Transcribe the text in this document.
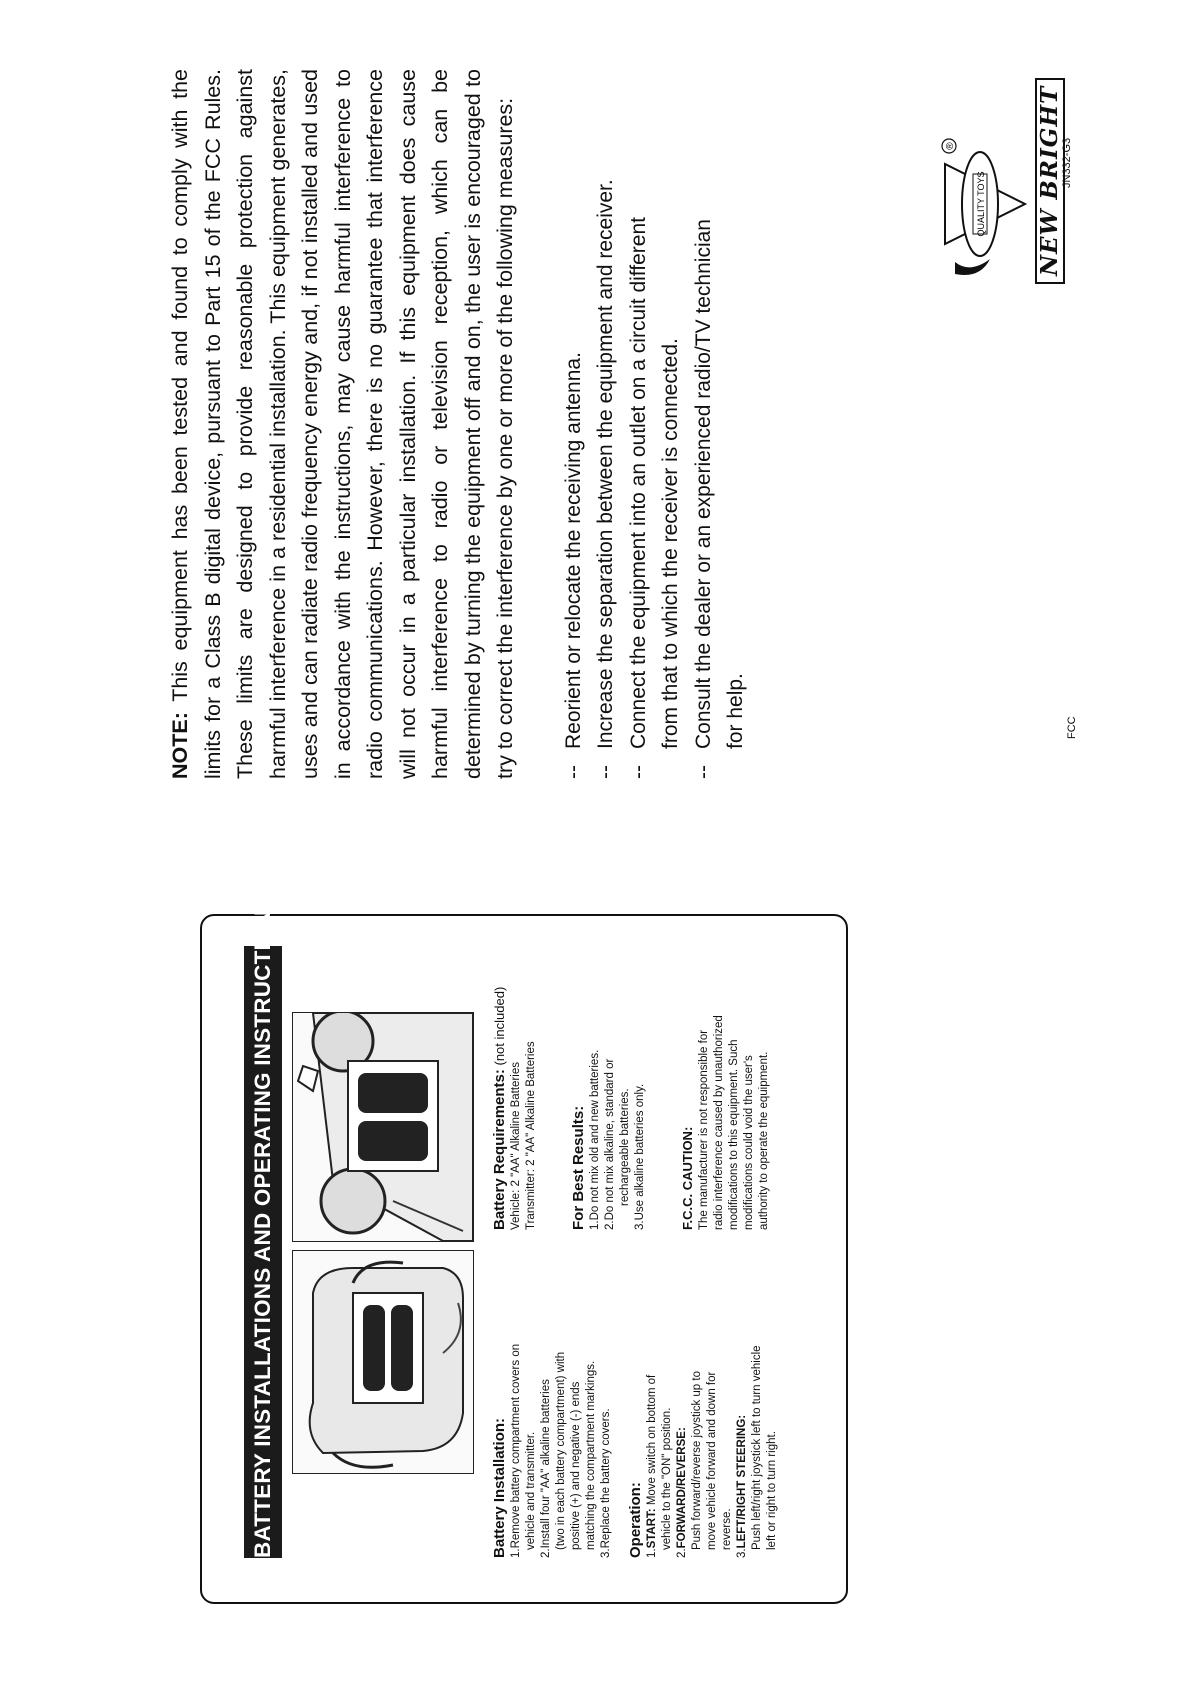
BATTERY INSTALLATIONS AND OPERATING INSTRUCTIONS	Battery Installation: 1.Remove battery compartment covers on vehicle and transmitter. 2.Install four "AA" alkaline batteries (two in each battery compartment) with positive (+) and negative (-) ends matching the compartment markings. 3.Replace the battery covers. Operation: 1.START: Move switch on bottom of vehicle to the "ON" position.
2.FORWARD/REVERSE: Push forward/reverse joystick up to move vehicle forward and down for reverse.
3.LEFT/RIGHT STEERING: Push left/right joystick left to turn vehicle left or right to turn right.
Battery Requirements: (not included)
Vehicle: 2 "AA" Alkaline Batteries Transmitter: 2 "AA" Alkaline Batteries For Best Results: 1.Do not mix old and new batteries. 2.Do not mix alkaline, standard or rechargeable batteries. 3.Use alkaline batteries only.	F.C.C. CAUTION: The manufacturer is not responsible for radio interference caused by unauthorized modifications to this equipment. Such modifications could void the user's authority to operate the equipment.
NOTE: This equipment has been tested and found to comply with the limits for a Class B digital device, pursuant to Part 15 of the FCC Rules. These limits are designed to provide reasonable protection against harmful interference in a residential installation. This equipment generates, uses and can radiate radio frequency energy and, if not installed and used in accordance with the instructions, may cause harmful interference to radio communications. However, there is no guarantee that interference will not occur in a particular installation. If this equipment does cause harmful interference to radio or television reception, which can be determined by turning the equipment off and on, the user is encouraged to try to correct the interference by one or more of the following measures: --Reorient or relocate the receiving antenna.
--Increase the separation between the equipment and receiver.
--Connect the equipment into an outlet on a circuit different from that to which the receiver is connected.
--Consult the dealer or an experienced radio/TV technician for help.	FCC
QUALITY TOYS
®	NEW BRIGHT
JN332-G3
